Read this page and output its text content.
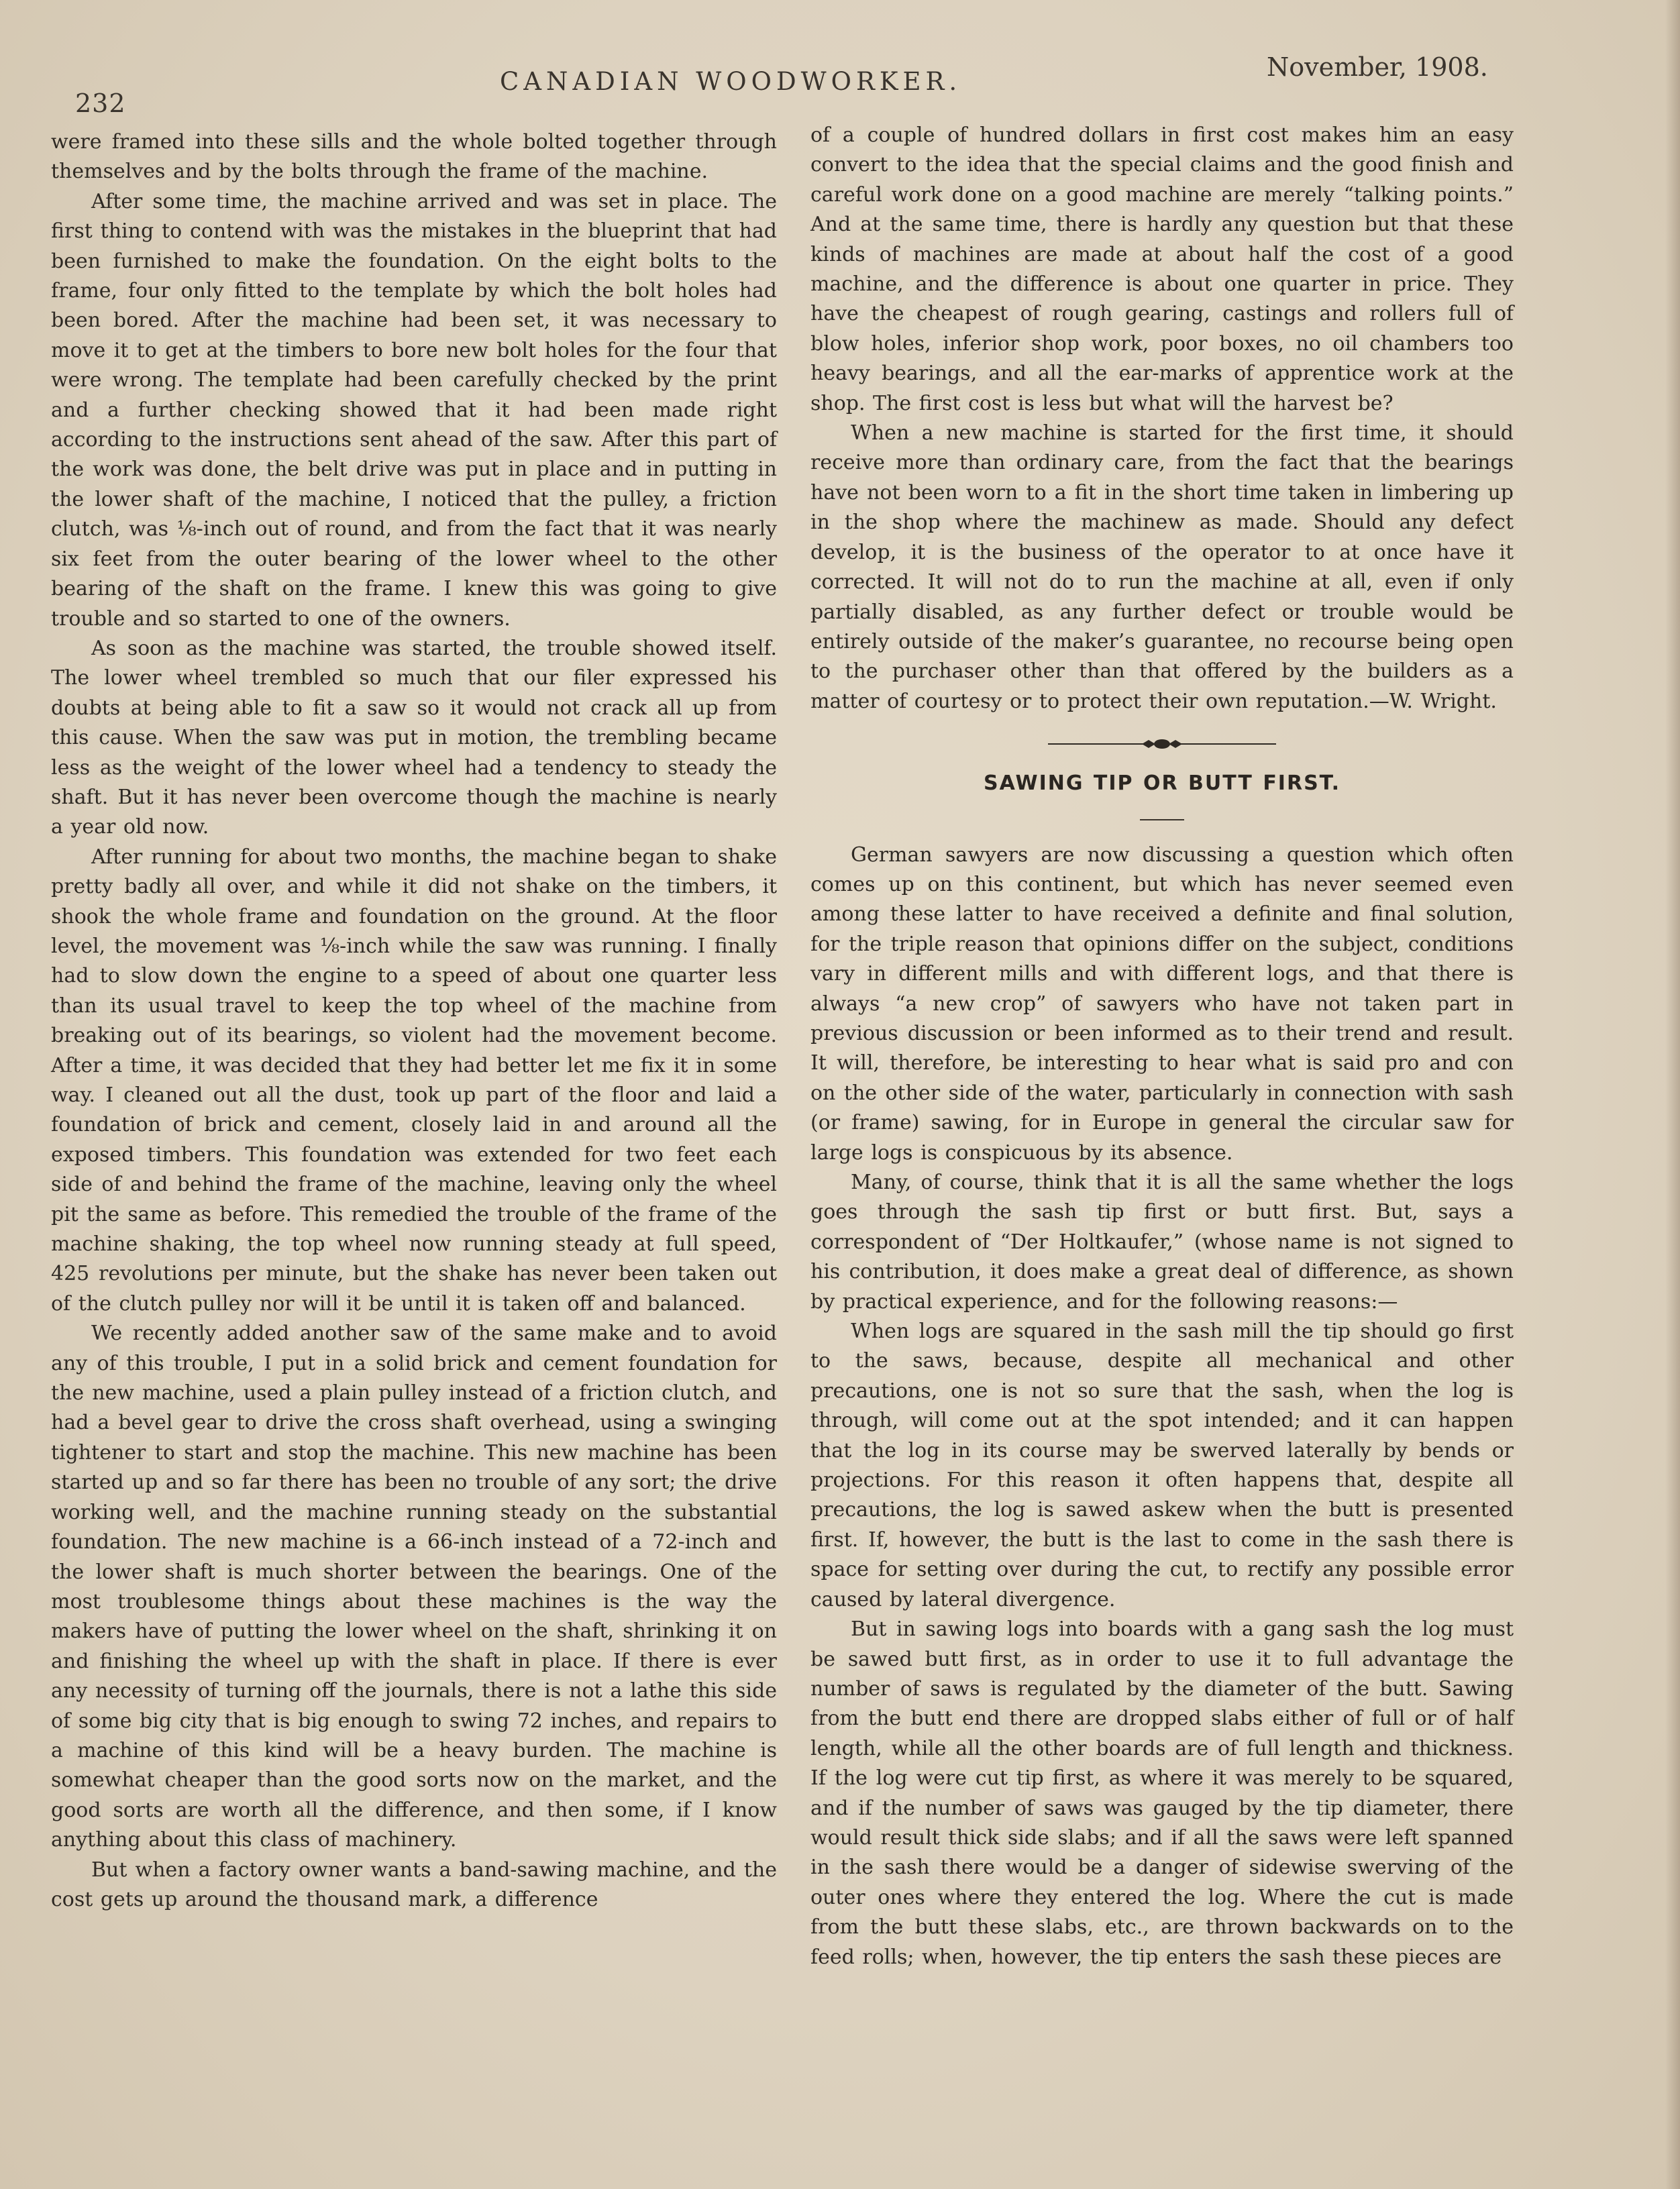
232
CANADIAN WOODWORKER.	November, 1908.

were framed into these sills and the whole bolted together through themselves and by the bolts through the frame of the machine.

After some time, the machine arrived and was set in place. The first thing to contend with was the mistakes in the blueprint that had been furnished to make the foundation. On the eight bolts to the frame, four only fitted to the template by which the bolt holes had been bored. After the machine had been set, it was necessary to move it to get at the timbers to bore new bolt holes for the four that were wrong. The template had been carefully checked by the print and a further checking showed that it had been made right according to the instructions sent ahead of the saw. After this part of the work was done, the belt drive was put in place and in putting in the lower shaft of the machine, I noticed that the pulley, a friction clutch, was ⅛-inch out of round, and from the fact that it was nearly six feet from the outer bearing of the lower wheel to the other bearing of the shaft on the frame. I knew this was going to give trouble and so started to one of the owners.

As soon as the machine was started, the trouble showed itself. The lower wheel trembled so much that our filer expressed his doubts at being able to fit a saw so it would not crack all up from this cause. When the saw was put in motion, the trembling became less as the weight of the lower wheel had a tendency to steady the shaft. But it has never been overcome though the machine is nearly a year old now.

After running for about two months, the machine began to shake pretty badly all over, and while it did not shake on the timbers, it shook the whole frame and foundation on the ground. At the floor level, the movement was ⅛-inch while the saw was running. I finally had to slow down the engine to a speed of about one quarter less than its usual travel to keep the top wheel of the machine from breaking out of its bearings, so violent had the movement become. After a time, it was decided that they had better let me fix it in some way. I cleaned out all the dust, took up part of the floor and laid a foundation of brick and cement, closely laid in and around all the exposed timbers. This foundation was extended for two feet each side of and behind the frame of the machine, leaving only the wheel pit the same as before. This remedied the trouble of the frame of the machine shaking, the top wheel now running steady at full speed, 425 revolutions per minute, but the shake has never been taken out of the clutch pulley nor will it be until it is taken off and balanced.

We recently added another saw of the same make and to avoid any of this trouble, I put in a solid brick and cement foundation for the new machine, used a plain pulley instead of a friction clutch, and had a bevel gear to drive the cross shaft overhead, using a swinging tightener to start and stop the machine. This new machine has been started up and so far there has been no trouble of any sort; the drive working well, and the machine running steady on the substantial foundation. The new machine is a 66-inch instead of a 72-inch and the lower shaft is much shorter between the bearings. One of the most troublesome things about these machines is the way the makers have of putting the lower wheel on the shaft, shrinking it on and finishing the wheel up with the shaft in place. If there is ever any necessity of turning off the journals, there is not a lathe this side of some big city that is big enough to swing 72 inches, and repairs to a machine of this kind will be a heavy burden. The machine is somewhat cheaper than the good sorts now on the market, and the good sorts are worth all the difference, and then some, if I know anything about this class of machinery.

But when a factory owner wants a band-sawing machine, and the cost gets up around the thousand mark, a difference

of a couple of hundred dollars in first cost makes him an easy convert to the idea that the special claims and the good finish and careful work done on a good machine are merely “talking points.” And at the same time, there is hardly any question but that these kinds of machines are made at about half the cost of a good machine, and the difference is about one quarter in price. They have the cheapest of rough gearing, castings and rollers full of blow holes, inferior shop work, poor boxes, no oil chambers too heavy bearings, and all the ear-marks of apprentice work at the shop. The first cost is less but what will the harvest be?

When a new machine is started for the first time, it should receive more than ordinary care, from the fact that the bearings have not been worn to a fit in the short time taken in limbering up in the shop where the machinew as made. Should any defect develop, it is the business of the operator to at once have it corrected. It will not do to run the machine at all, even if only partially disabled, as any further defect or trouble would be entirely outside of the maker’s guarantee, no recourse being open to the purchaser other than that offered by the builders as a matter of courtesy or to protect their own reputation.—W. Wright.

SAWING TIP OR BUTT FIRST.

German sawyers are now discussing a question which often comes up on this continent, but which has never seemed even among these latter to have received a definite and final solution, for the triple reason that opinions differ on the subject, conditions vary in different mills and with different logs, and that there is always “a new crop” of sawyers who have not taken part in previous discussion or been informed as to their trend and result. It will, therefore, be interesting to hear what is said pro and con on the other side of the water, particularly in connection with sash (or frame) sawing, for in Europe in general the circular saw for large logs is conspicuous by its absence.

Many, of course, think that it is all the same whether the logs goes through the sash tip first or butt first. But, says a correspondent of “Der Holtkaufer,” (whose name is not signed to his contribution, it does make a great deal of difference, as shown by practical experience, and for the following reasons:—

When logs are squared in the sash mill the tip should go first to the saws, because, despite all mechanical and other precautions, one is not so sure that the sash, when the log is through, will come out at the spot intended; and it can happen that the log in its course may be swerved laterally by bends or projections. For this reason it often happens that, despite all precautions, the log is sawed askew when the butt is presented first. If, however, the butt is the last to come in the sash there is space for setting over during the cut, to rectify any possible error caused by lateral divergence.

But in sawing logs into boards with a gang sash the log must be sawed butt first, as in order to use it to full advantage the number of saws is regulated by the diameter of the butt. Sawing from the butt end there are dropped slabs either of full or of half length, while all the other boards are of full length and thickness. If the log were cut tip first, as where it was merely to be squared, and if the number of saws was gauged by the tip diameter, there would result thick side slabs; and if all the saws were left spanned in the sash there would be a danger of sidewise swerving of the outer ones where they entered the log. Where the cut is made from the butt these slabs, etc., are thrown backwards on to the feed rolls; when, however, the tip enters the sash these pieces are
